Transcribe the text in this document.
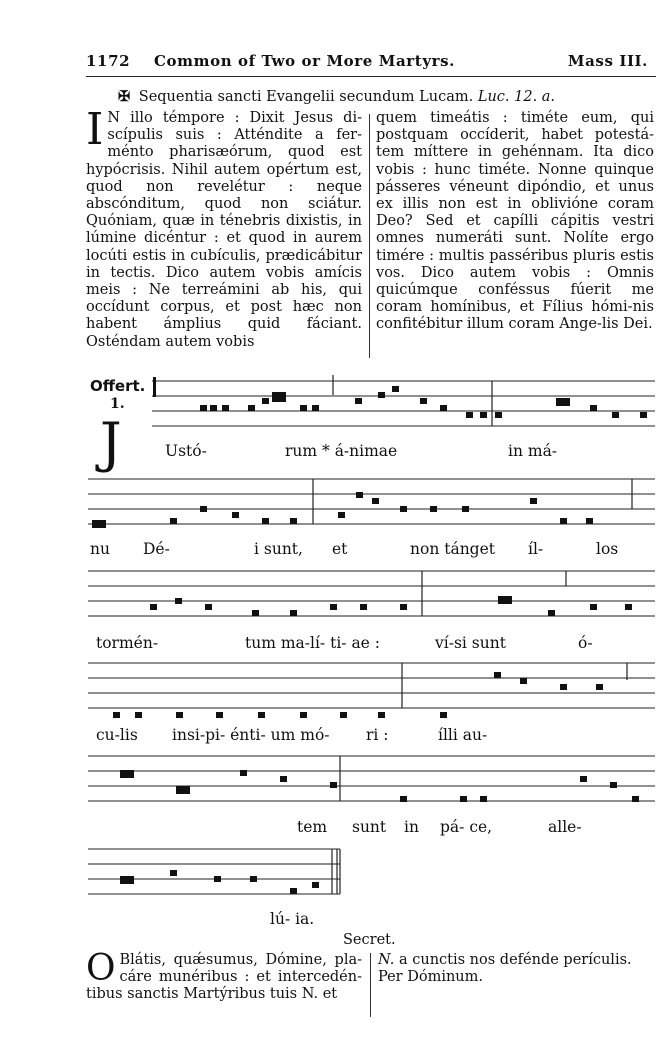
1172 Common of Two or More Martyrs.	Mass III.
✠ Sequentia sancti Evangelii secundum Lucam. Luc. 12. a.
I N illo témpore : Dixit Jesus di-scípulis suis : Atténdite a fer-ménto pharisæórum, quod est hypócrisis. Nihil autem opértum est, quod non revelétur : neque abscónditum, quod non sciátur. Quóniam, quæ in ténebris dixistis, in lúmine dicéntur : et quod in aurem locúti estis in cubículis, prædicábitur in tectis. Dico autem vobis amícis meis : Ne terreámini ab his, qui occídunt corpus, et post hæc non habent ámplius quid fáciant. Osténdam autem vobis
quem timeátis : timéte eum, qui postquam occíderit, habet potestá-tem míttere in gehénnam. Ita dico vobis : hunc timéte. Nonne quinque pásseres véneunt dipóndio, et unus ex illis non est in oblivióne coram Deo? Sed et capílli cápitis vestri omnes numeráti sunt. Nolíte ergo timére : multis passéribus pluris estis vos. Dico autem vobis : Omnis quicúmque conféssus fúerit me coram homínibus, et Fílius hómi-nis confitébitur illum coram Ange-lis Dei.
Offert.
1.
J	Ustó-	rum * á-nimae	in má-
nu Dé-	i sunt, et	non tánget íl-	los
tormén-	tum ma-lí- ti- ae :	ví-si sunt	ó-
cu-lis insi-pi- énti- um mó- ri :	ílli au-
tem sunt in pá- ce,	alle-
lú- ia.
Secret.
O Blátis, quǽsumus, Dómine, pla-cáre munéribus : et intercedén-tibus sanctis Martýribus tuis N. et
N. a cunctis nos defénde perículis. Per Dóminum.
